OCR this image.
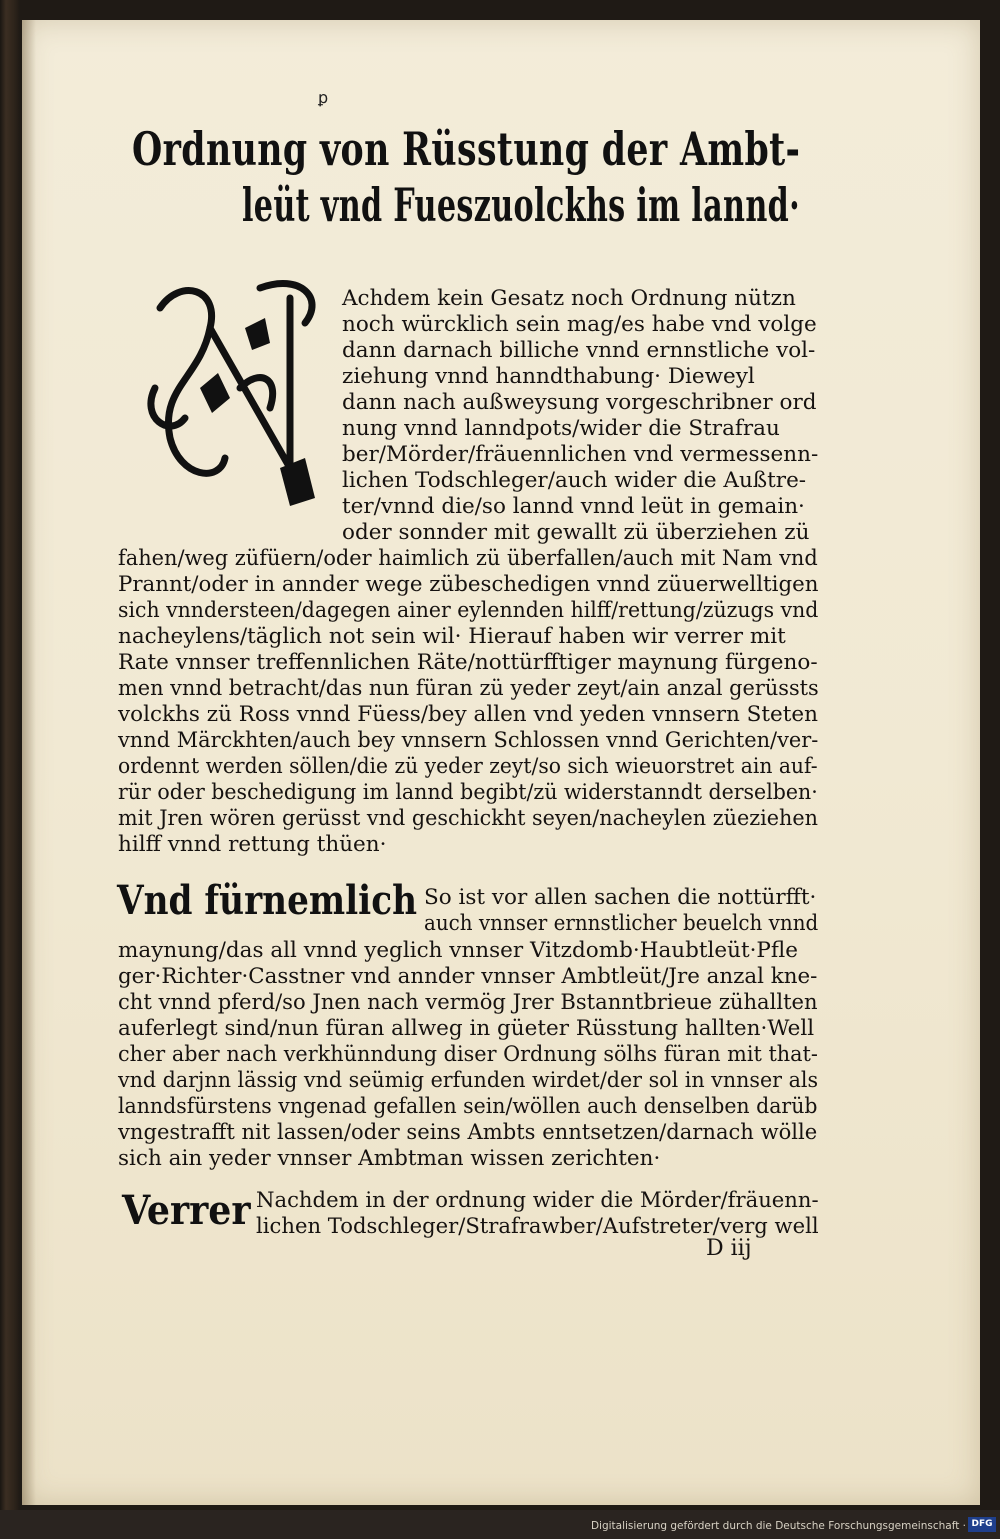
ꝑ
Ordnung von Rüsstung der Ambt-
leüt vnd Fueszuolckhs im lannd·
Achdem kein Gesatz noch Ordnung nützn
noch würcklich sein mag/es habe vnd volge
dann darnach billiche vnnd ernnstliche vol-
ziehung vnnd hanndthabung· Dieweyl
dann nach außweysung vorgeschribner ord
nung vnnd lanndpots/wider die Strafrau
ber/Mörder/fräuennlichen vnd vermessenn-
lichen Todschleger/auch wider die Außtre-
ter/vnnd die/so lannd vnnd leüt in gemain·
oder sonnder mit gewallt zü überziehen zü
fahen/weg züfüern/oder haimlich zü überfallen/auch mit Nam vnd
Prannt/oder in annder wege zübeschedigen vnnd züuerwelltigen
sich vnndersteen/dagegen ainer eylennden hilff/rettung/züzugs vnd
nacheylens/täglich not sein wil· Hierauf haben wir verrer mit
Rate vnnser treffennlichen Räte/nottürfftiger maynung fürgeno-
men vnnd betracht/das nun füran zü yeder zeyt/ain anzal gerüssts
volckhs zü Ross vnnd Füess/bey allen vnd yeden vnnsern Steten
vnnd Märckhten/auch bey vnnsern Schlossen vnnd Gerichten/ver-
ordennt werden söllen/die zü yeder zeyt/so sich wieuorstret ain auf-
rür oder beschedigung im lannd begibt/zü widerstanndt derselben·
mit Jren wören gerüsst vnd geschickht seyen/nacheylen züeziehen
hilff vnnd rettung thüen·
Vnd fürnemlich So ist vor allen sachen die nottürfft·
auch vnnser ernnstlicher beuelch vnnd
maynung/das all vnnd yeglich vnnser Vitzdomb·Haubtleüt·Pfle
ger·Richter·Casstner vnd annder vnnser Ambtleüt/Jre anzal kne-
cht vnnd pferd/so Jnen nach vermög Jrer Bstanntbrieue zühallten
auferlegt sind/nun füran allweg in güeter Rüsstung hallten·Well
cher aber nach verkhünndung diser Ordnung sölhs füran mit that-
vnd darjnn lässig vnd seümig erfunden wirdet/der sol in vnnser als
lanndsfürstens vngenad gefallen sein/wöllen auch denselben darüb
vngestrafft nit lassen/oder seins Ambts enntsetzen/darnach wölle
sich ain yeder vnnser Ambtman wissen zerichten·
Verrer Nachdem in der ordnung wider die Mörder/fräuenn-
lichen Todschleger/Strafrawber/Aufstreter/verg well
D iij
Digitalisierung gefördert durch die Deutsche Forschungsgemeinschaft · DFG
